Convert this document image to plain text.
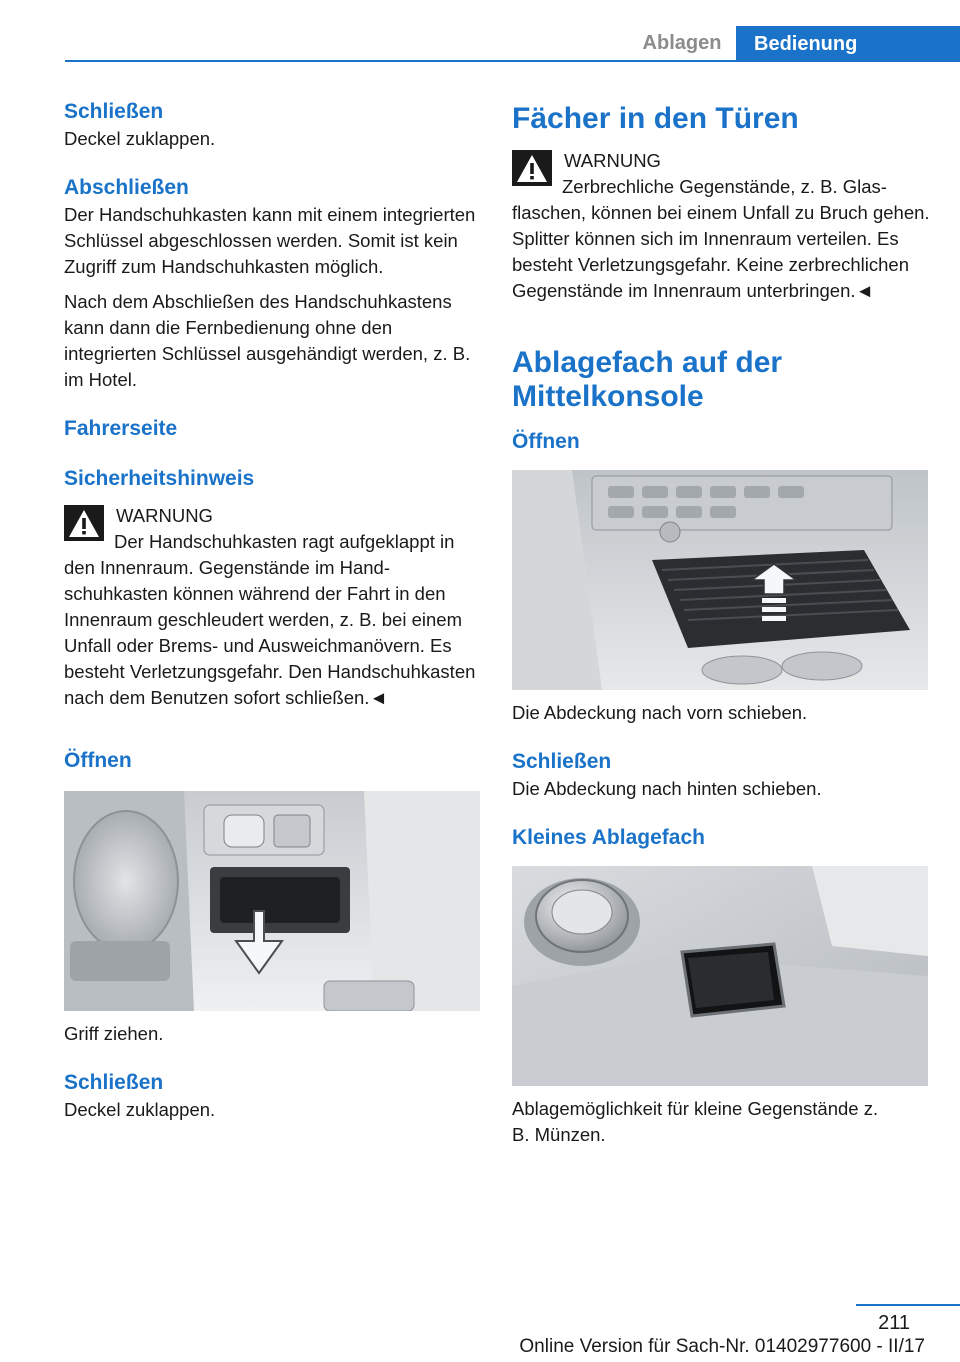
Ablagen	Bedienung
Schließen
Deckel zuklappen.
Abschließen
Der Handschuhkasten kann mit einem integrierten Schlüssel abgeschlossen werden. Somit ist kein Zugriff zum Handschuhkasten möglich.
Nach dem Abschließen des Handschuhkastens kann dann die Fernbedienung ohne den integrierten Schlüssel ausgehändigt werden, z. B. im Hotel.
Fahrerseite
Sicherheitshinweis
WARNUNG
Der Handschuhkasten ragt aufgeklappt in den Innenraum. Gegenstände im Handschuhkasten können während der Fahrt in den Innenraum geschleudert werden, z. B. bei einem Unfall oder Brems- und Ausweichmanövern. Es besteht Verletzungsgefahr. Den Handschuhkasten nach dem Benutzen sofort schließen.◄
Öffnen
Griff ziehen.
Schließen
Deckel zuklappen.
Fächer in den Türen
WARNUNG
Zerbrechliche Gegenstände, z. B. Glasflaschen, können bei einem Unfall zu Bruch gehen. Splitter können sich im Innenraum verteilen. Es besteht Verletzungsgefahr. Keine zerbrechlichen Gegenstände im Innenraum unterbringen.◄
Ablagefach auf der Mittelkonsole
Öffnen
Die Abdeckung nach vorn schieben.
Schließen
Die Abdeckung nach hinten schieben.
Kleines Ablagefach
Ablagemöglichkeit für kleine Gegenstände z. B. Münzen.
211
Online Version für Sach-Nr. 01402977600 - II/17
